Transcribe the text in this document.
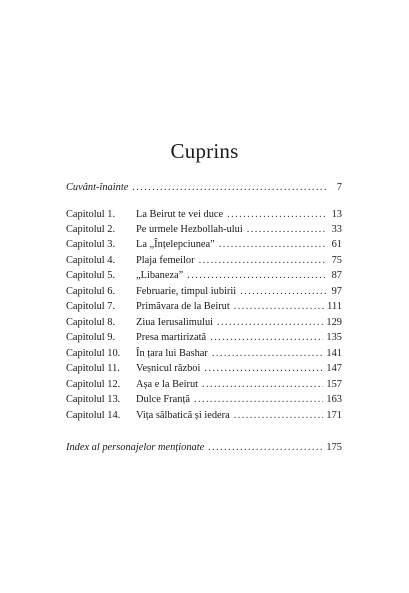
Cuprins
Cuvânt-înainte . . .	7
Capitolul 1.	La Beirut te vei duce . . .	13
Capitolul 2.	Pe urmele Hezbollah-ului . . .	33
Capitolul 3.	La „Înțelepciunea” . . .	61
Capitolul 4.	Plaja femeilor . . .	75
Capitolul 5.	„Libaneza” . . .	87
Capitolul 6.	Februarie, timpul iubirii . . .	97
Capitolul 7.	Primăvara de la Beirut . . .	111
Capitolul 8.	Ziua Ierusalimului . . .	129
Capitolul 9.	Presa martirizată . . .	135
Capitolul 10.	În țara lui Bashar . . .	141
Capitolul 11.	Veșnicul război . . .	147
Capitolul 12.	Așa e la Beirut . . .	157
Capitolul 13.	Dulce Franță . . .	163
Capitolul 14.	Vița sălbatică și iedera . . .	171
Index al personajelor menționate . . .	175
